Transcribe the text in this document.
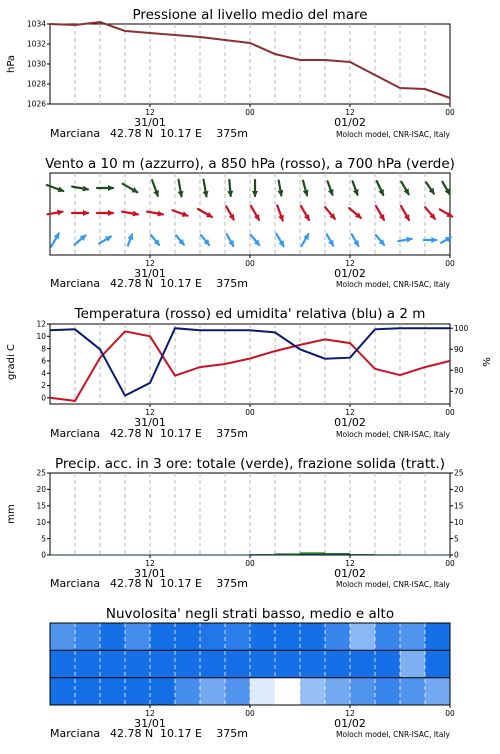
Pressione al livello medio del mare
hPa
1026
1028
1030
1032
1034
12
31/01
00	12
01/02
00
Marciana 42.78 N 10.17 E 375m	Moloch model, CNR-ISAC, Italy
Vento a 10 m (azzurro), a 850 hPa (rosso), a 700 hPa (verde)
12
31/01
00	12
01/02
00
Marciana 42.78 N 10.17 E 375m	Moloch model, CNR-ISAC, Italy
Temperatura (rosso) ed umidita' relativa (blu) a 2 m
gradi C	%
0
2
4
6
8
10
12
70
80
90
100
12
31/01
00	12
01/02
00
Marciana 42.78 N 10.17 E 375m	Moloch model, CNR-ISAC, Italy
Precip. acc. in 3 ore: totale (verde), frazione solida (tratt.)
mm
0
5
10
15
20
25
0
5
10
15
20
25
12
31/01
00	12
01/02
00
Marciana 42.78 N 10.17 E 375m	Moloch model, CNR-ISAC, Italy
Nuvolosita' negli strati basso, medio e alto
12
31/01
00	12
01/02
00
Marciana 42.78 N 10.17 E 375m	Moloch model, CNR-ISAC, Italy
